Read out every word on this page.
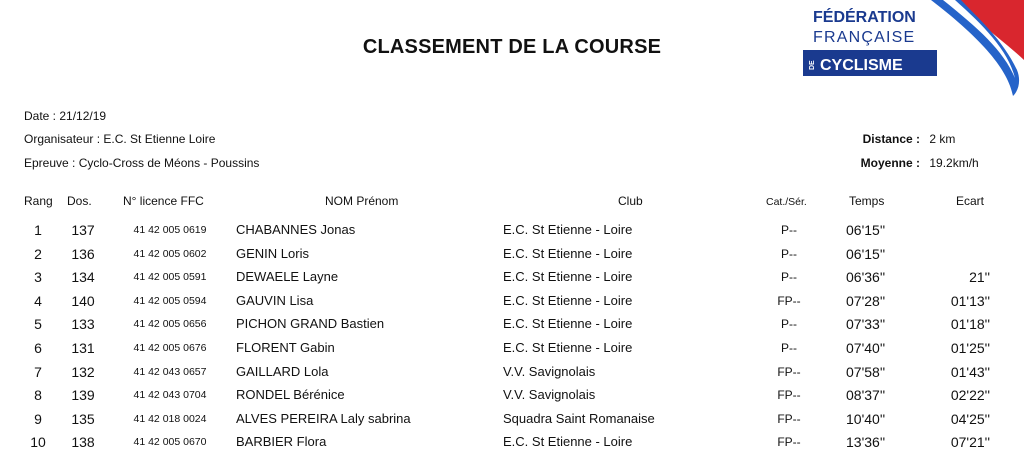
CLASSEMENT DE LA COURSE
FÉDÉRATION
FRANÇAISE
DE CYCLISME
Date : 21/12/19
Organisateur : E.C. St Etienne Loire
Epreuve : Cyclo-Cross de Méons - Poussins
Distance : 2 km
Moyenne : 19.2km/h
Rang Dos.	N° licence FFC	NOM Prénom	Club	Cat./Sér.	Temps	Ecart
1	137	41 42 005 0619	CHABANNES Jonas	E.C. St Etienne - Loire	P--	06'15''
2	136	41 42 005 0602	GENIN Loris	E.C. St Etienne - Loire	P--	06'15''
3	134	41 42 005 0591	DEWAELE Layne	E.C. St Etienne - Loire	P--	06'36''	21''
4	140	41 42 005 0594	GAUVIN Lisa	E.C. St Etienne - Loire	FP--	07'28''	01'13''
5	133	41 42 005 0656	PICHON GRAND Bastien	E.C. St Etienne - Loire	P--	07'33''	01'18''
6	131	41 42 005 0676	FLORENT Gabin	E.C. St Etienne - Loire	P--	07'40''	01'25''
7	132	41 42 043 0657	GAILLARD Lola	V.V. Savignolais	FP--	07'58''	01'43''
8	139	41 42 043 0704	RONDEL Bérénice	V.V. Savignolais	FP--	08'37''	02'22''
9	135	41 42 018 0024	ALVES PEREIRA Laly sabrina	Squadra Saint Romanaise	FP--	10'40''	04'25''
10	138	41 42 005 0670	BARBIER Flora	E.C. St Etienne - Loire	FP--	13'36''	07'21''
